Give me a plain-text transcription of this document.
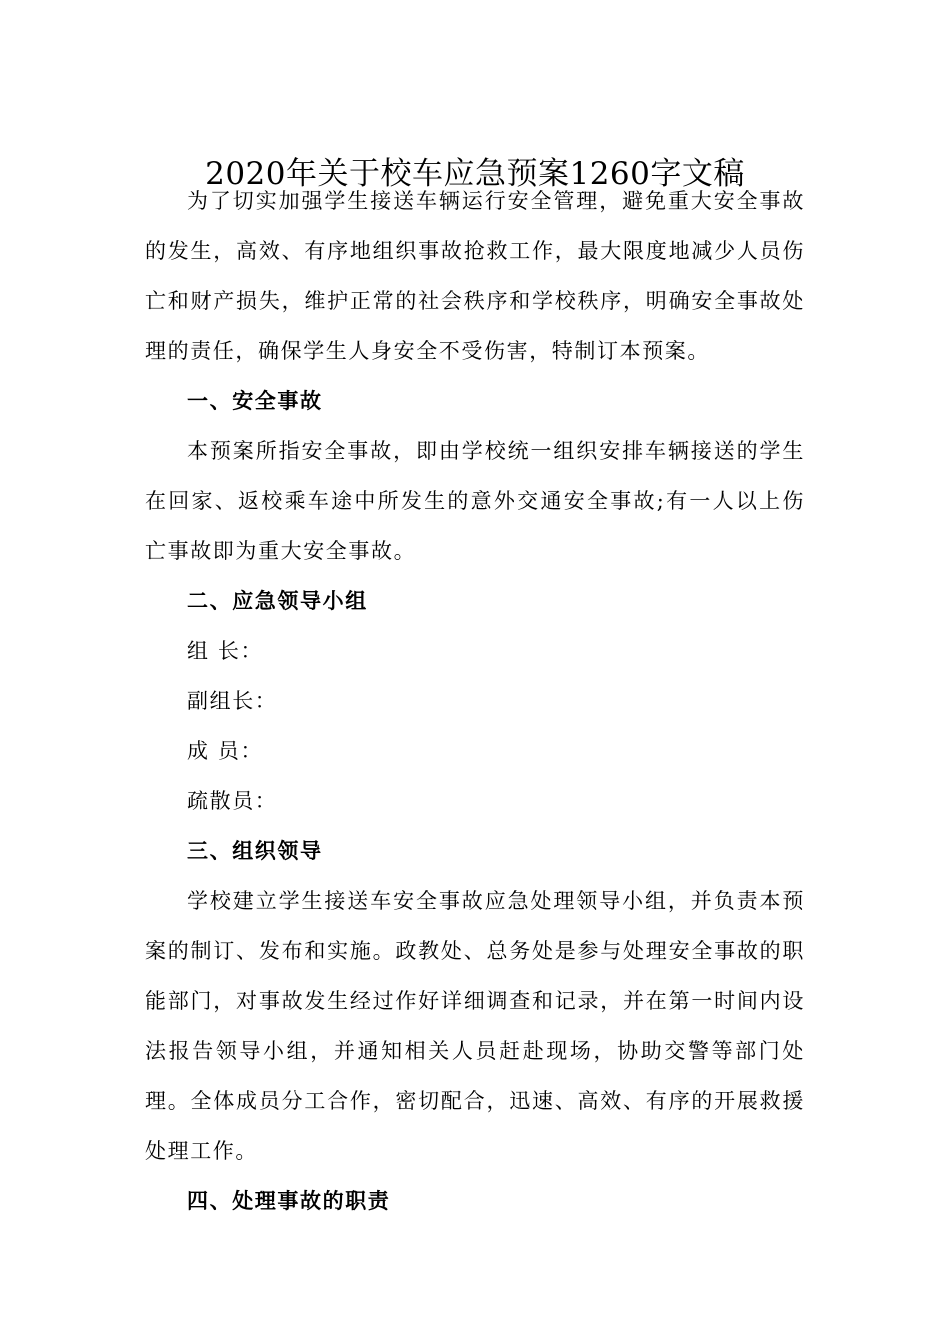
2020年关于校车应急预案1260字文稿

为了切实加强学生接送车辆运行安全管理，避免重大安全事故的发生，高效、有序地组织事故抢救工作，最大限度地减少人员伤亡和财产损失，维护正常的社会秩序和学校秩序，明确安全事故处理的责任，确保学生人身安全不受伤害，特制订本预案。

一、安全事故

本预案所指安全事故，即由学校统一组织安排车辆接送的学生在回家、返校乘车途中所发生的意外交通安全事故;有一人以上伤亡事故即为重大安全事故。

二、应急领导小组

组 长：

副组长：

成 员：

疏散员：

三、组织领导

学校建立学生接送车安全事故应急处理领导小组，并负责本预案的制订、发布和实施。政教处、总务处是参与处理安全事故的职能部门，对事故发生经过作好详细调查和记录，并在第一时间内设法报告领导小组，并通知相关人员赶赴现场，协助交警等部门处理。全体成员分工合作，密切配合，迅速、高效、有序的开展救援处理工作。

四、处理事故的职责
